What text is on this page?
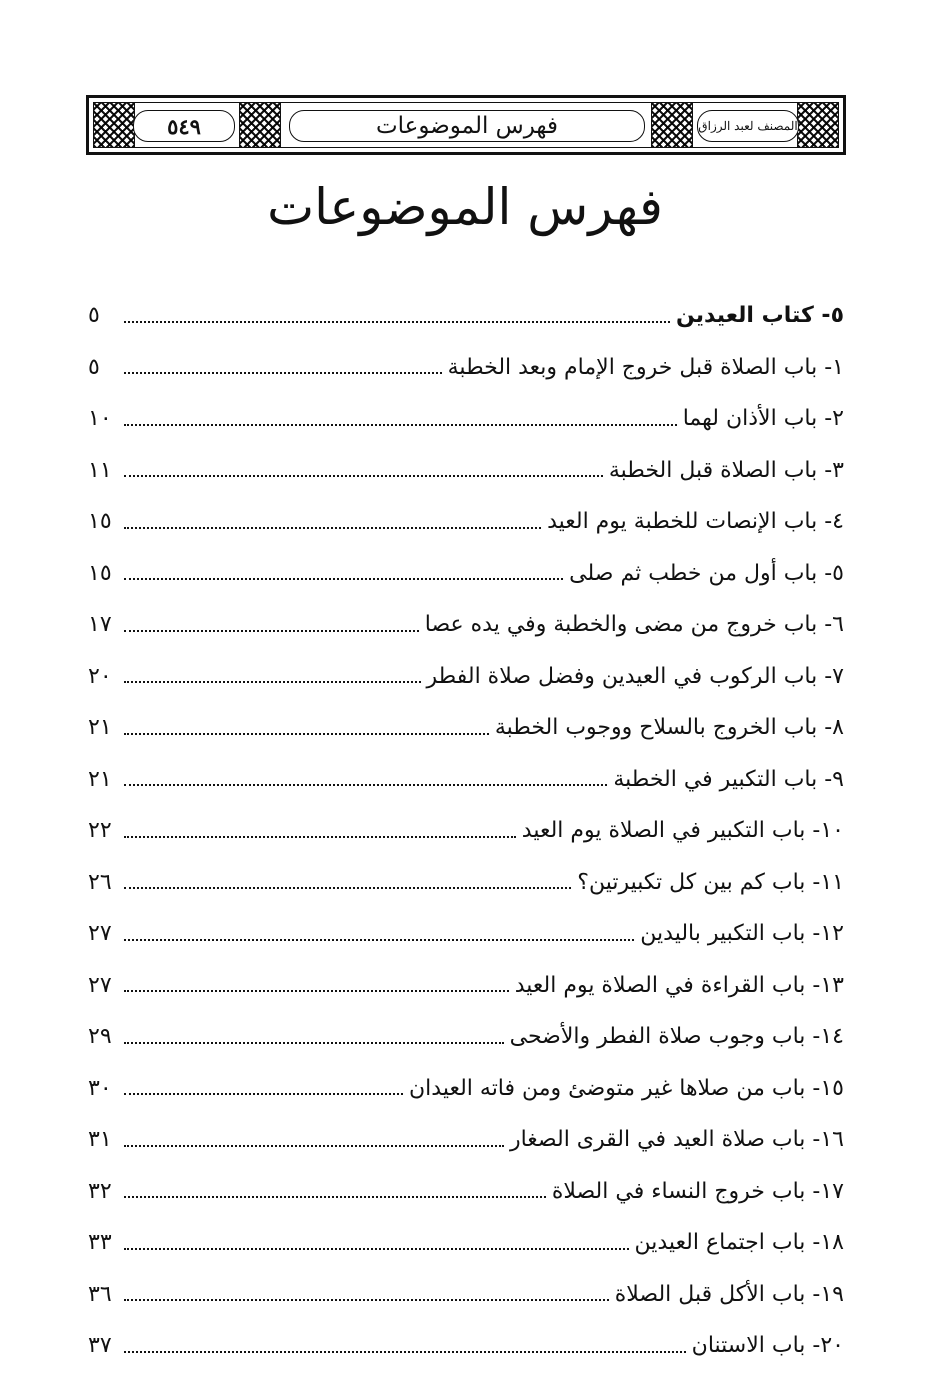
٥٤٩	فهرس الموضوعات	المصنف لعبد الرزاق
فهرس الموضوعات
٥- كتاب العيدين
٥
١- باب الصلاة قبل خروج الإمام وبعد الخطبة
٥
٢- باب الأذان لهما
١٠
٣- باب الصلاة قبل الخطبة
١١
٤- باب الإنصات للخطبة يوم العيد
١٥
٥- باب أول من خطب ثم صلى
١٥
٦- باب خروج من مضى والخطبة وفي يده عصا
١٧
٧- باب الركوب في العيدين وفضل صلاة الفطر
٢٠
٨- باب الخروج بالسلاح ووجوب الخطبة
٢١
٩- باب التكبير في الخطبة
٢١
١٠- باب التكبير في الصلاة يوم العيد
٢٢
١١- باب كم بين كل تكبيرتين؟
٢٦
١٢- باب التكبير باليدين
٢٧
١٣- باب القراءة في الصلاة يوم العيد
٢٧
١٤- باب وجوب صلاة الفطر والأضحى
٢٩
١٥- باب من صلاها غير متوضئ ومن فاته العيدان
٣٠
١٦- باب صلاة العيد في القرى الصغار
٣١
١٧- باب خروج النساء في الصلاة
٣٢
١٨- باب اجتماع العيدين
٣٣
١٩- باب الأكل قبل الصلاة
٣٦
٢٠- باب الاستنان
٣٧
